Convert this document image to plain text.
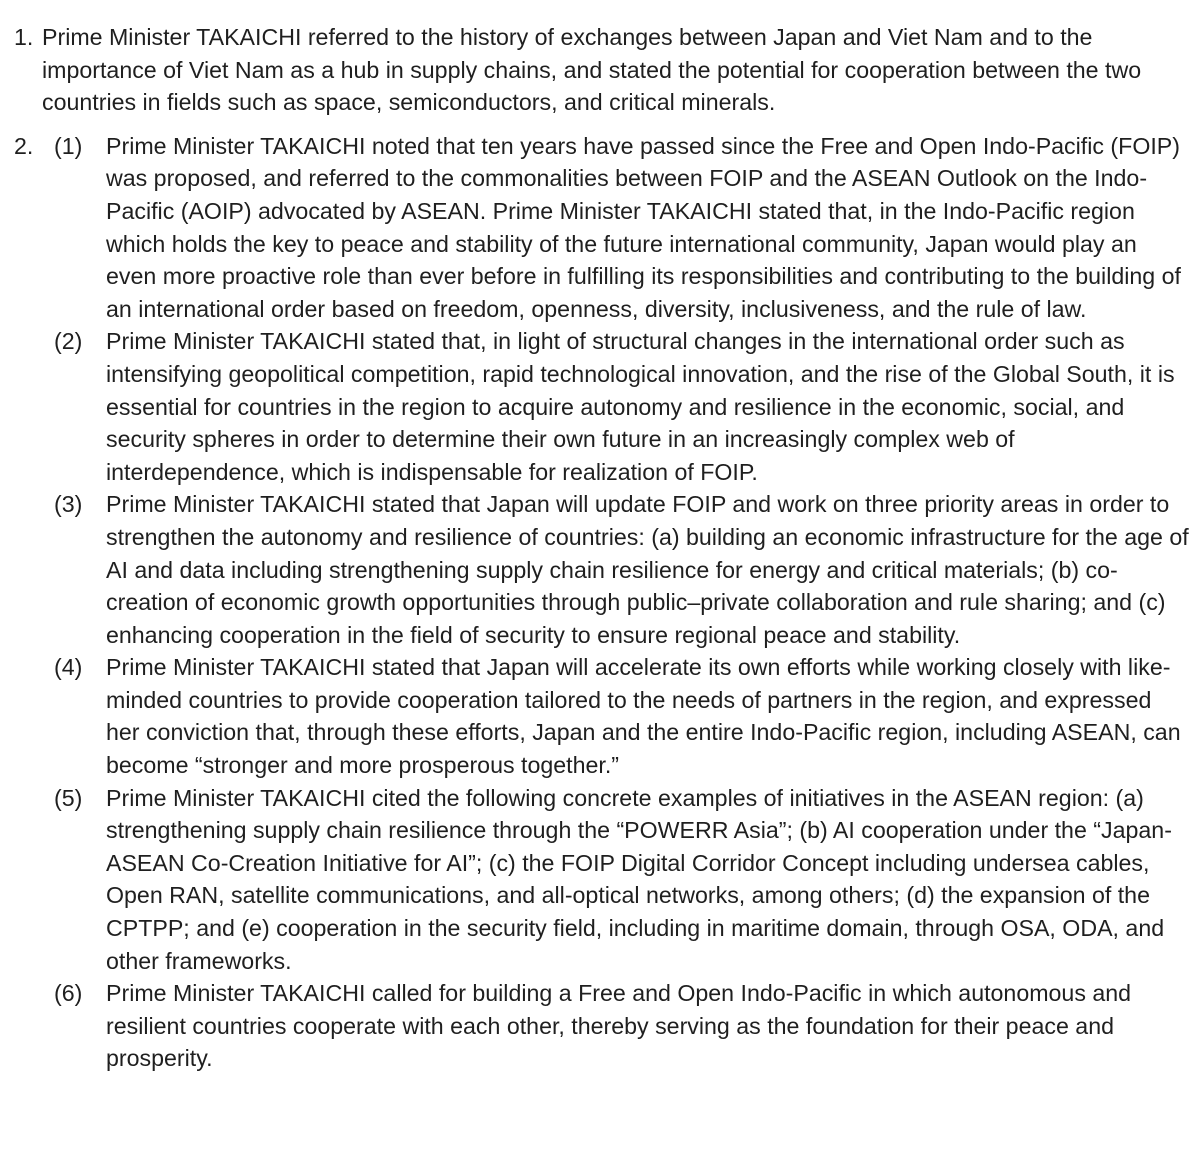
1. Prime Minister TAKAICHI referred to the history of exchanges between Japan and Viet Nam and to the importance of Viet Nam as a hub in supply chains, and stated the potential for cooperation between the two countries in fields such as space, semiconductors, and critical minerals.
2. (1)	Prime Minister TAKAICHI noted that ten years have passed since the Free and Open Indo-Pacific (FOIP) was proposed, and referred to the commonalities between FOIP and the ASEAN Outlook on the Indo-Pacific (AOIP) advocated by ASEAN. Prime Minister TAKAICHI stated that, in the Indo-Pacific region which holds the key to peace and stability of the future international community, Japan would play an even more proactive role than ever before in fulfilling its responsibilities and contributing to the building of an international order based on freedom, openness, diversity, inclusiveness, and the rule of law.
(2)	Prime Minister TAKAICHI stated that, in light of structural changes in the international order such as intensifying geopolitical competition, rapid technological innovation, and the rise of the Global South, it is essential for countries in the region to acquire autonomy and resilience in the economic, social, and security spheres in order to determine their own future in an increasingly complex web of interdependence, which is indispensable for realization of FOIP.
(3)	Prime Minister TAKAICHI stated that Japan will update FOIP and work on three priority areas in order to strengthen the autonomy and resilience of countries: (a) building an economic infrastructure for the age of AI and data including strengthening supply chain resilience for energy and critical materials; (b) co-creation of economic growth opportunities through public–private collaboration and rule sharing; and (c) enhancing cooperation in the field of security to ensure regional peace and stability.
(4)	Prime Minister TAKAICHI stated that Japan will accelerate its own efforts while working closely with like-minded countries to provide cooperation tailored to the needs of partners in the region, and expressed her conviction that, through these efforts, Japan and the entire Indo-Pacific region, including ASEAN, can become “stronger and more prosperous together.”
(5)	Prime Minister TAKAICHI cited the following concrete examples of initiatives in the ASEAN region: (a) strengthening supply chain resilience through the “POWERR Asia”; (b) AI cooperation under the “Japan-ASEAN Co-Creation Initiative for AI”; (c) the FOIP Digital Corridor Concept including undersea cables, Open RAN, satellite communications, and all-optical networks, among others; (d) the expansion of the CPTPP; and (e) cooperation in the security field, including in maritime domain, through OSA, ODA, and other frameworks.
(6)	Prime Minister TAKAICHI called for building a Free and Open Indo-Pacific in which autonomous and resilient countries cooperate with each other, thereby serving as the foundation for their peace and prosperity.
